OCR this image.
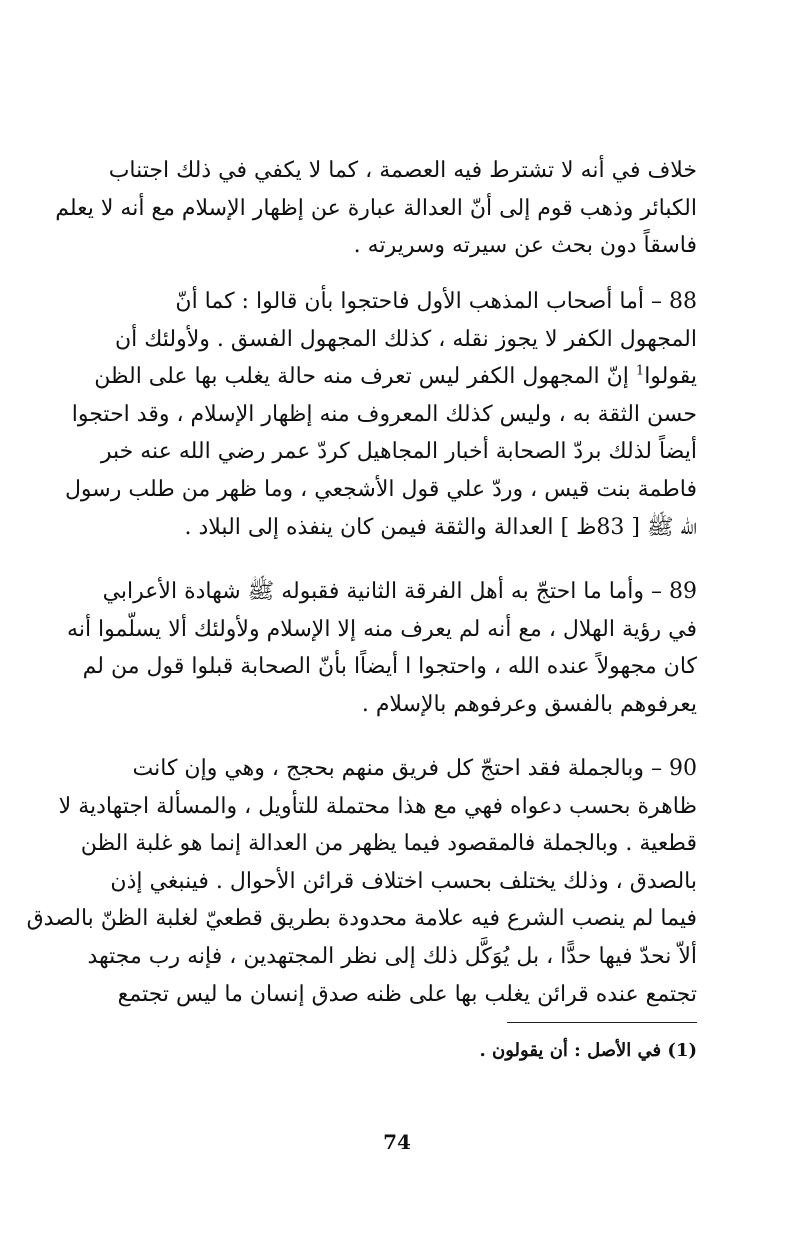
خلاف في أنه لا تشترط فيه العصمة ، كما لا يكفي في ذلك اجتناب
الكبائر وذهب قوم إلى أنّ العدالة عبارة عن إظهار الإسلام مع أنه لا يعلم
فاسقاً دون بحث عن سيرته وسريرته .
88 – أما أصحاب المذهب الأول فاحتجوا بأن قالوا : كما أنّ
المجهول الكفر لا يجوز نقله ، كذلك المجهول الفسق . ولأولئك أن
يقولوا$^1$ إنّ المجهول الكفر ليس تعرف منه حالة يغلب بها على الظن
حسن الثقة به ، وليس كذلك المعروف منه إظهار الإسلام ، وقد احتجوا
أيضاً لذلك بردّ الصحابة أخبار المجاهيل كردّ عمر رضي الله عنه خبر
فاطمة بنت قيس ، وردّ علي قول الأشجعي ، وما ظهر من طلب رسول
الله ﷺ [ 83ظ ] العدالة والثقة فيمن كان ينفذه إلى البلاد .
89 – وأما ما احتجّ به أهل الفرقة الثانية فقبوله ﷺ شهادة الأعرابي
في رؤية الهلال ، مع أنه لم يعرف منه إلا الإسلام ولأولئك ألا يسلّموا أنه
كان مجهولاً عنده الله ، واحتجوا ا أيضاًا بأنّ الصحابة قبلوا قول من لم
يعرفوهم بالفسق وعرفوهم بالإسلام .
90 – وبالجملة فقد احتجّ كل فريق منهم بحجج ، وهي وإن كانت
ظاهرة بحسب دعواه فهي مع هذا محتملة للتأويل ، والمسألة اجتهادية لا
قطعية . وبالجملة فالمقصود فيما يظهر من العدالة إنما هو غلبة الظن
بالصدق ، وذلك يختلف بحسب اختلاف قرائن الأحوال . فينبغي إذن
فيما لم ينصب الشرع فيه علامة محدودة بطريق قطعيّ لغلبة الظنّ بالصدق
ألاّ نحدّ فيها حدًّا ، بل يُوَكَّل ذلك إلى نظر المجتهدين ، فإنه رب مجتهد
تجتمع عنده قرائن يغلب بها على ظنه صدق إنسان ما ليس تجتمع
(1) في الأصل : أن يقولون .
74
